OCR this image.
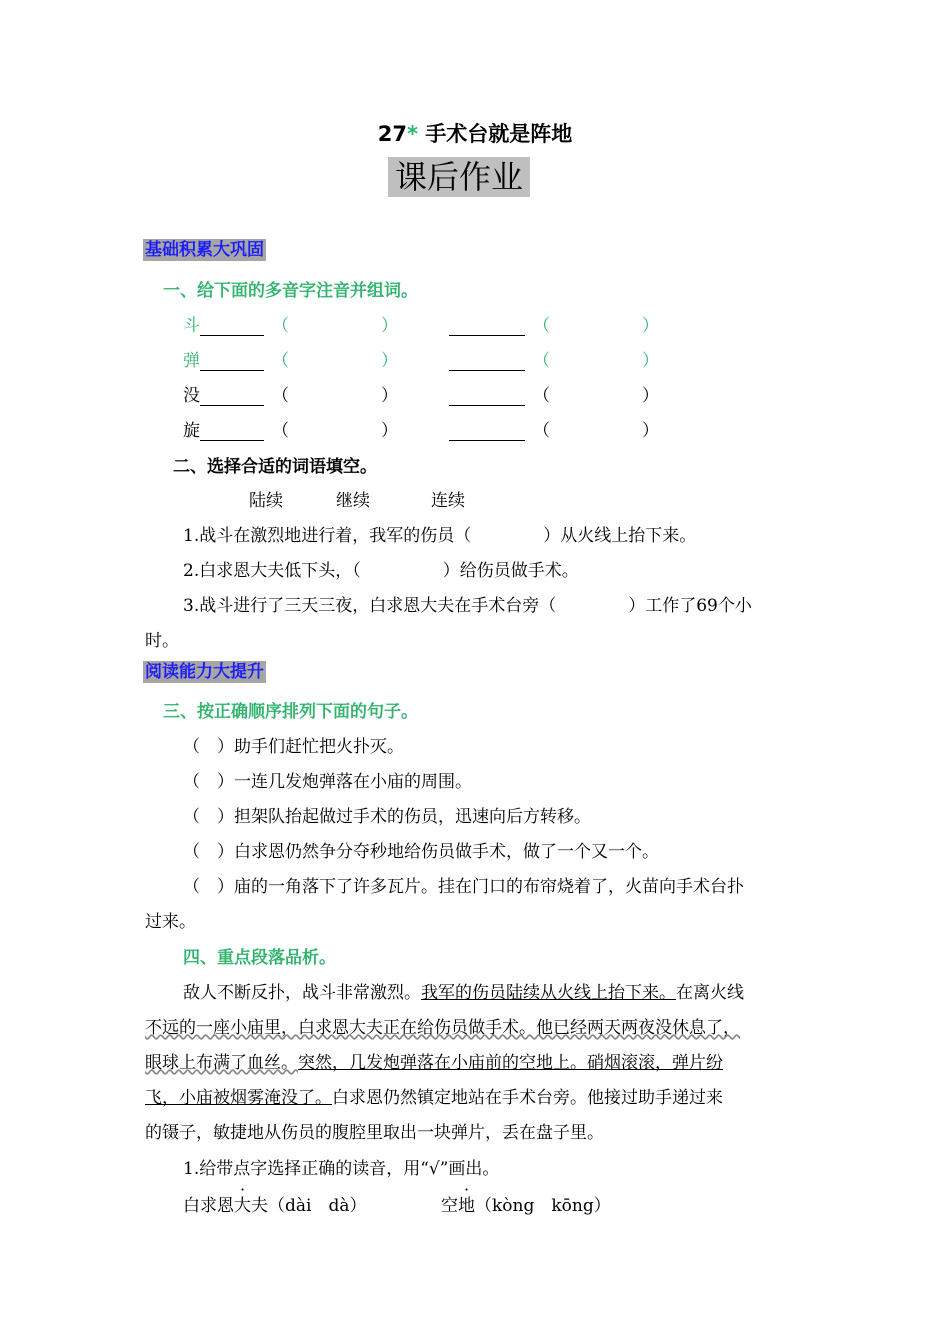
27* 手术台就是阵地
课后作业
基础积累大巩固
一、给下面的多音字注音并组词。
斗	（	）	（	）
弹	（	）	（	）
没	（	）	（	）
旋	（	）	（	）
二、选择合适的词语填空。
陆续	继续	连续
1.战斗在激烈地进行着，我军的伤员（	）从火线上抬下来。
2.白求恩大夫低下头，（	）给伤员做手术。
3.战斗进行了三天三夜，白求恩大夫在手术台旁（	）工作了69个小
时。
阅读能力大提升
三、按正确顺序排列下面的句子。
（　）助手们赶忙把火扑灭。
（　）一连几发炮弹落在小庙的周围。
（　）担架队抬起做过手术的伤员，迅速向后方转移。
（　）白求恩仍然争分夺秒地给伤员做手术，做了一个又一个。
（　）庙的一角落下了许多瓦片。挂在门口的布帘烧着了，火苗向手术台扑
过来。
四、重点段落品析。
敌人不断反扑，战斗非常激烈。我军的伤员陆续从火线上抬下来。在离火线
不远的一座小庙里，白求恩大夫正在给伤员做手术。他已经两天两夜没休息了，
眼球上布满了血丝。突然，几发炮弹落在小庙前的空地上。硝烟滚滚，弹片纷
飞，小庙被烟雾淹没了。白求恩仍然镇定地站在手术台旁。他接过助手递过来
的镊子，敏捷地从伤员的腹腔里取出一块弹片，丢在盘子里。
1.给带点字选择正确的读音，用“√”画出。
白求恩大夫（dài　dà）	空地（kòng　kōng）
